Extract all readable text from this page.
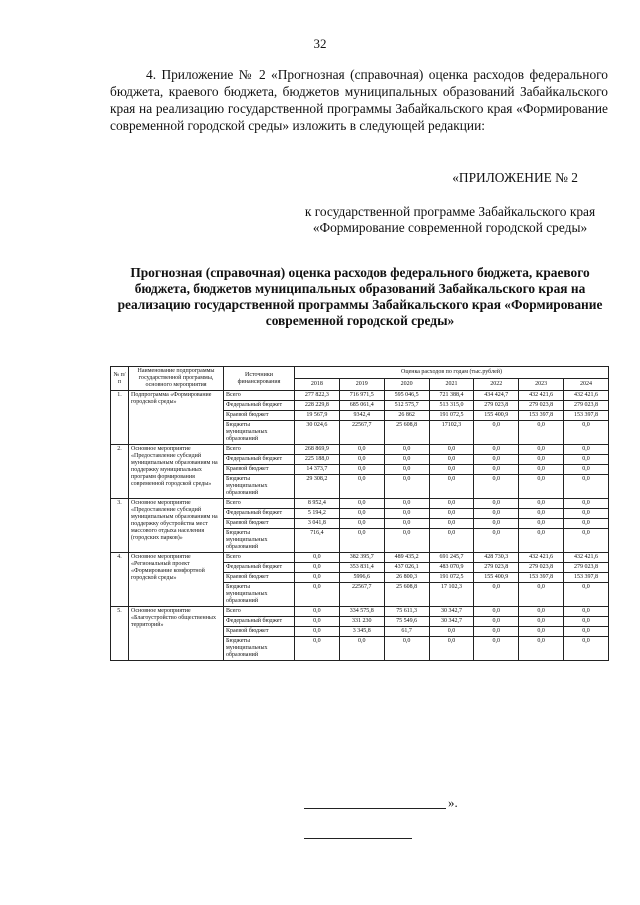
32
4. Приложение № 2 «Прогнозная (справочная) оценка расходов федерального бюджета, краевого бюджета, бюджетов муниципальных образований Забайкальского края на реализацию государственной программы Забайкальского края «Формирование современной городской среды» изложить в следующей редакции:
«ПРИЛОЖЕНИЕ № 2
к государственной программе Забайкальского края «Формирование современной городской среды»
Прогнозная (справочная) оценка расходов федерального бюджета, краевого бюджета, бюджетов муниципальных образований Забайкальского края на реализацию государственной программы Забайкальского края «Формирование современной городской среды»
№ п/п	Наименование подпрограммы государственной программы, основного мероприятия	Источники финансирования	Оценка расходов по годам (тыс.рублей)						
			2018	2019	2020	2021	2022	2023	2024
1.	Подпрограмма «Формирование городской среды»	Всего	277 822,3	716 971,5	595 046,5	721 388,4	434 424,7	432 421,6	432 421,6
		Федеральный бюджет	228 229,8	685 061,4	512 575,7	513 315,0	279 023,8	279 023,8	279 023,8
		Краевой бюджет	19 567,9	9342,4	26 862	191 072,5	155 400,9	153 397,8	153 397,8
		Бюджеты муниципальных образований	30 024,6	22567,7	25 608,8	17102,3	0,0	0,0	0,0
2.	Основное мероприятие «Предоставление субсидий муниципальным образованиям на поддержку муниципальных программ формирования современной городской среды»	Всего	268 869,9	0,0	0,0	0,0	0,0	0,0	0,0
		Федеральный бюджет	225 188,0	0,0	0,0	0,0	0,0	0,0	0,0
		Краевой бюджет	14 373,7	0,0	0,0	0,0	0,0	0,0	0,0
		Бюджеты муниципальных образований	29 308,2	0,0	0,0	0,0	0,0	0,0	0,0
3.	Основное мероприятие «Предоставление субсидий муниципальным образованиям на поддержку обустройства мест массового отдыха населения (городских парков)»	Всего	8 952,4	0,0	0,0	0,0	0,0	0,0	0,0
		Федеральный бюджет	5 194,2	0,0	0,0	0,0	0,0	0,0	0,0
		Краевой бюджет	3 041,8	0,0	0,0	0,0	0,0	0,0	0,0
		Бюджеты муниципальных образований	716,4	0,0	0,0	0,0	0,0	0,0	0,0
4.	Основное мероприятие «Региональный проект «Формирование комфортной городской среды»	Всего	0,0	382 395,7	489 435,2	691 245,7	428 730,3	432 421,6	432 421,6
		Федеральный бюджет	0,0	353 831,4	437 026,1	483 070,9	279 023,8	279 023,8	279 023,8
		Краевой бюджет	0,0	5996,6	26 800,3	191 072,5	155 400,9	153 397,8	153 397,8
		Бюджеты муниципальных образований	0,0	22567,7	25 608,8	17 102,3	0,0	0,0	0,0
5.	Основное мероприятие «Благоустройство общественных территорий»	Всего	0,0	334 575,8	75 611,3	30 342,7	0,0	0,0	0,0
		Федеральный бюджет	0,0	331 230	75 549,6	30 342,7	0,0	0,0	0,0
		Краевой бюджет	0,0	3 345,8	61,7	0,0	0,0	0,0	0,0
		Бюджеты муниципальных образований	0,0	0,0	0,0	0,0	0,0	0,0	0,0
».
